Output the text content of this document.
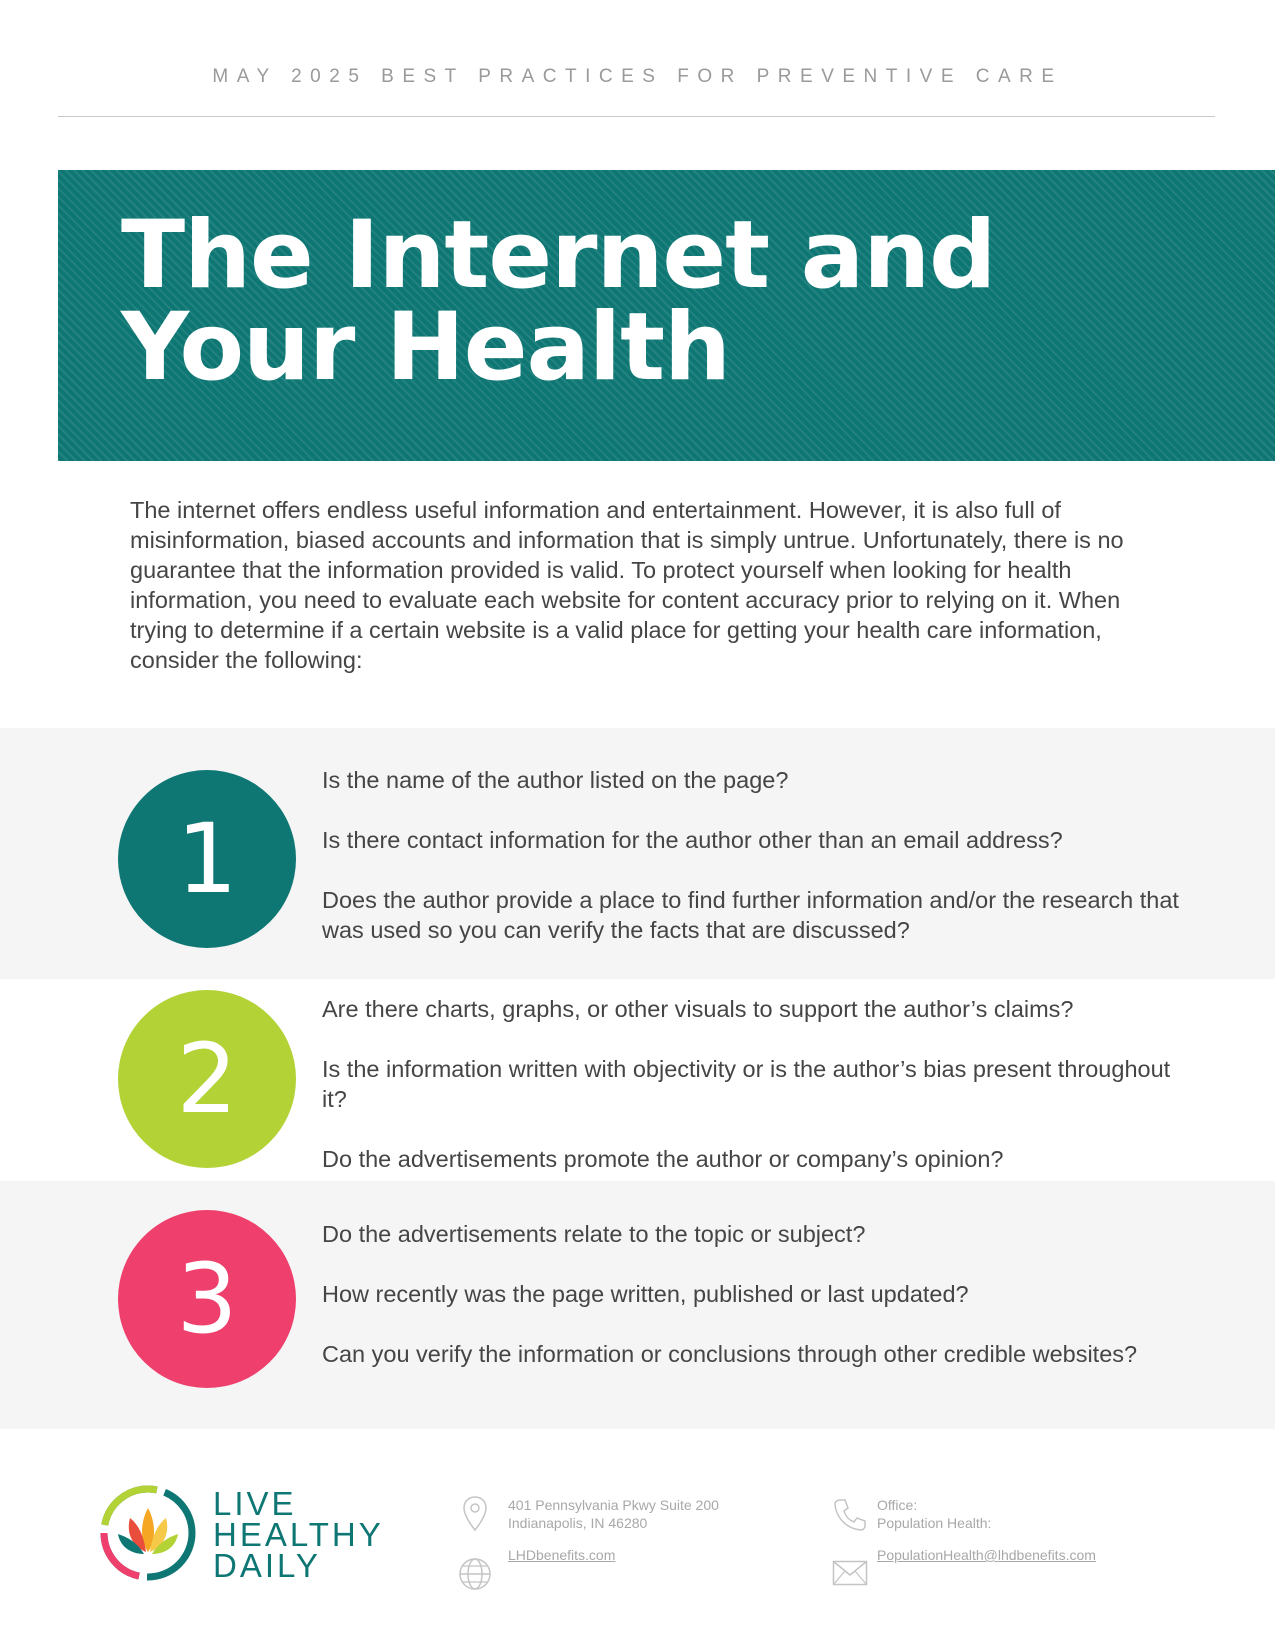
MAY 2025 BEST PRACTICES FOR PREVENTIVE CARE
The Internet and
Your Health

The internet offers endless useful information and entertainment. However, it is also full of misinformation, biased accounts and information that is simply untrue. Unfortunately, there is no guarantee that the information provided is valid. To protect yourself when looking for health information, you need to evaluate each website for content accuracy prior to relying on it. When trying to determine if a certain website is a valid place for getting your health care information, consider the following:

1

Is the name of the author listed on the page?

Is there contact information for the author other than an email address?

Does the author provide a place to find further information and/or the research that was used so you can verify the facts that are discussed?

2

Are there charts, graphs, or other visuals to support the author’s claims?

Is the information written with objectivity or is the author’s bias present throughout it?

Do the advertisements promote the author or company’s opinion?

3

Do the advertisements relate to the topic or subject?

How recently was the page written, published or last updated?

Can you verify the information or conclusions through other credible websites?

LIVE
HEALTHY
DAILY
401 Pennsylvania Pkwy Suite 200
Indianapolis, IN 46280
LHDbenefits.com
Office:
Population Health:
PopulationHealth@lhdbenefits.com
